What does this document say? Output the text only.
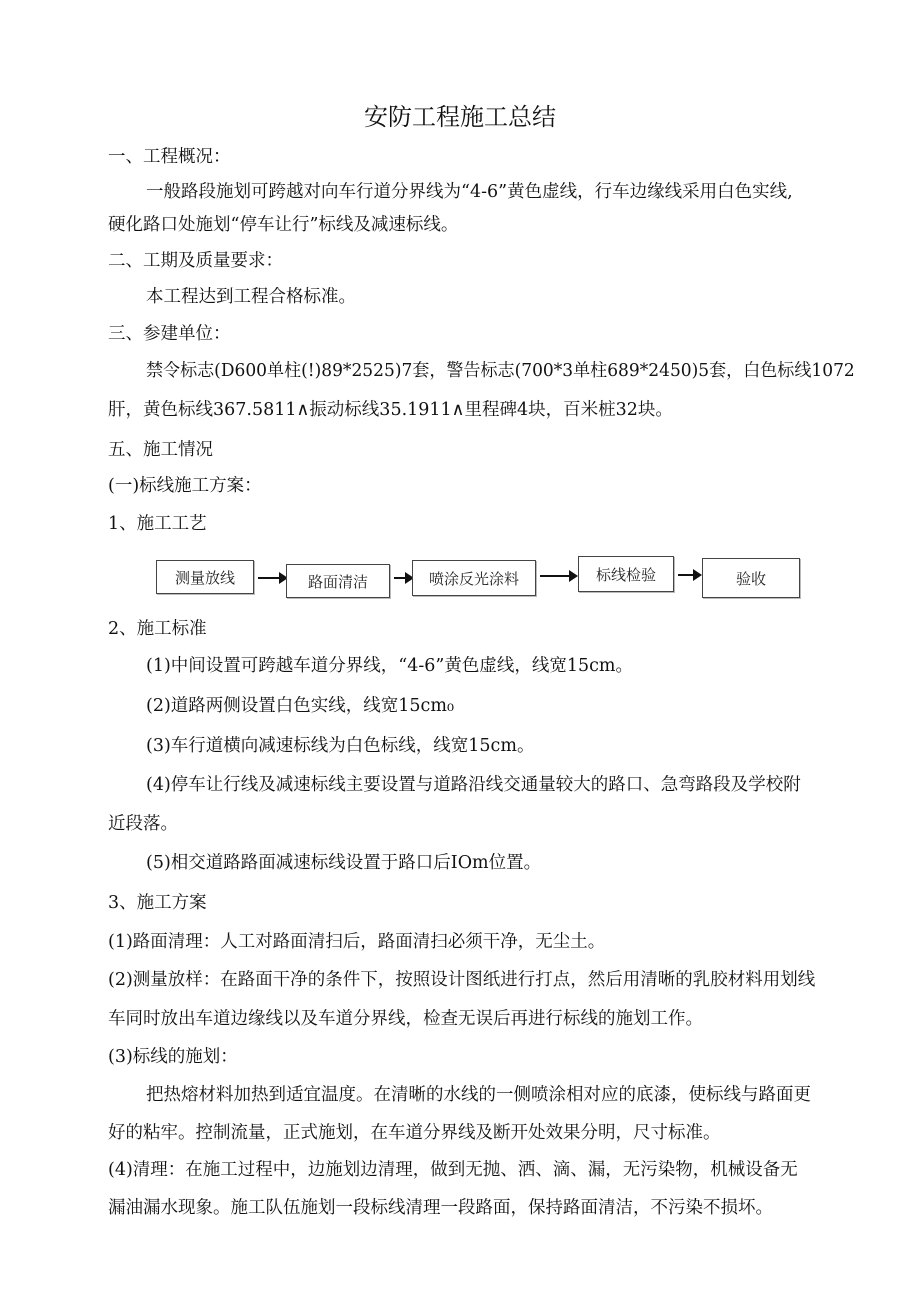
安防工程施工总结
一、工程概况：
一般路段施划可跨越对向车行道分界线为“4-6”黄色虚线，行车边缘线采用白色实线,
硬化路口处施划“停车让行”标线及减速标线。
二、工期及质量要求：
本工程达到工程合格标准。
三、参建单位：
禁令标志(D600单柱(!)89*2525)7套，警告标志(700*3单柱689*2450)5套，白色标线1072
肝，黄色标线367.5811∧振动标线35.1911∧里程碑4块，百米桩32块。
五、施工情况
(一)标线施工方案：
1、施工工艺
测量放线	路面清洁	喷涂反光涂料	标线检验	验收
2、施工标准
(1)中间设置可跨越车道分界线，“4-6”黄色虚线，线宽15cm。
(2)道路两侧设置白色实线，线宽15cm₀
(3)车行道横向减速标线为白色标线，线宽15cm。
(4)停车让行线及减速标线主要设置与道路沿线交通量较大的路口、急弯路段及学校附
近段落。
(5)相交道路路面减速标线设置于路口后IOm位置。
3、施工方案
(1)路面清理：人工对路面清扫后，路面清扫必须干净，无尘土。
(2)测量放样：在路面干净的条件下，按照设计图纸进行打点，然后用清晰的乳胶材料用划线
车同时放出车道边缘线以及车道分界线，检查无误后再进行标线的施划工作。
(3)标线的施划：
把热熔材料加热到适宜温度。在清晰的水线的一侧喷涂相对应的底漆，使标线与路面更
好的粘牢。控制流量，正式施划，在车道分界线及断开处效果分明，尺寸标准。
(4)清理：在施工过程中，边施划边清理，做到无抛、洒、滴、漏，无污染物，机械设备无
漏油漏水现象。施工队伍施划一段标线清理一段路面，保持路面清洁，不污染不损坏。
